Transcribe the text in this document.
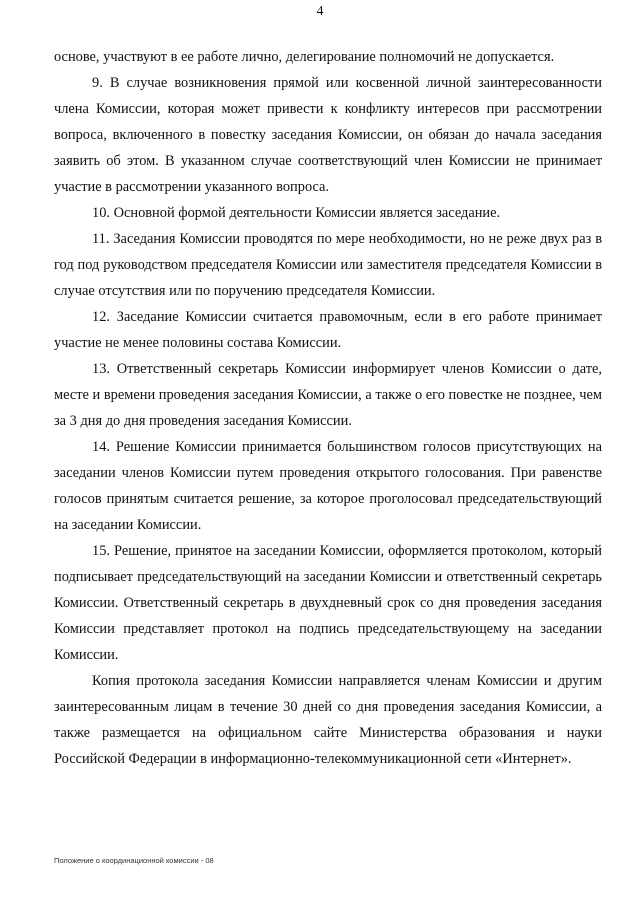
4

основе, участвуют в ее работе лично, делегирование полномочий не допускается.

9. В случае возникновения прямой или косвенной личной заинтересованности члена Комиссии, которая может привести к конфликту интересов при рассмотрении вопроса, включенного в повестку заседания Комиссии, он обязан до начала заседания заявить об этом. В указанном случае соответствующий член Комиссии не принимает участие в рассмотрении указанного вопроса.

10. Основной формой деятельности Комиссии является заседание.

11. Заседания Комиссии проводятся по мере необходимости, но не реже двух раз в год под руководством председателя Комиссии или заместителя председателя Комиссии в случае отсутствия или по поручению председателя Комиссии.

12. Заседание Комиссии считается правомочным, если в его работе принимает участие не менее половины состава Комиссии.

13. Ответственный секретарь Комиссии информирует членов Комиссии о дате, месте и времени проведения заседания Комиссии, а также о его повестке не позднее, чем за 3 дня до дня проведения заседания Комиссии.

14. Решение Комиссии принимается большинством голосов присутствующих на заседании членов Комиссии путем проведения открытого голосования. При равенстве голосов принятым считается решение, за которое проголосовал председательствующий на заседании Комиссии.

15. Решение, принятое на заседании Комиссии, оформляется протоколом, который подписывает председательствующий на заседании Комиссии и ответственный секретарь Комиссии. Ответственный секретарь в двухдневный срок со дня проведения заседания Комиссии представляет протокол на подпись председательствующему на заседании Комиссии.

Копия протокола заседания Комиссии направляется членам Комиссии и другим заинтересованным лицам в течение 30 дней со дня проведения заседания Комиссии, а также размещается на официальном сайте Министерства образования и науки Российской Федерации в информационно-телекоммуникационной сети «Интернет».

Положение о координационной комиссии - 08
